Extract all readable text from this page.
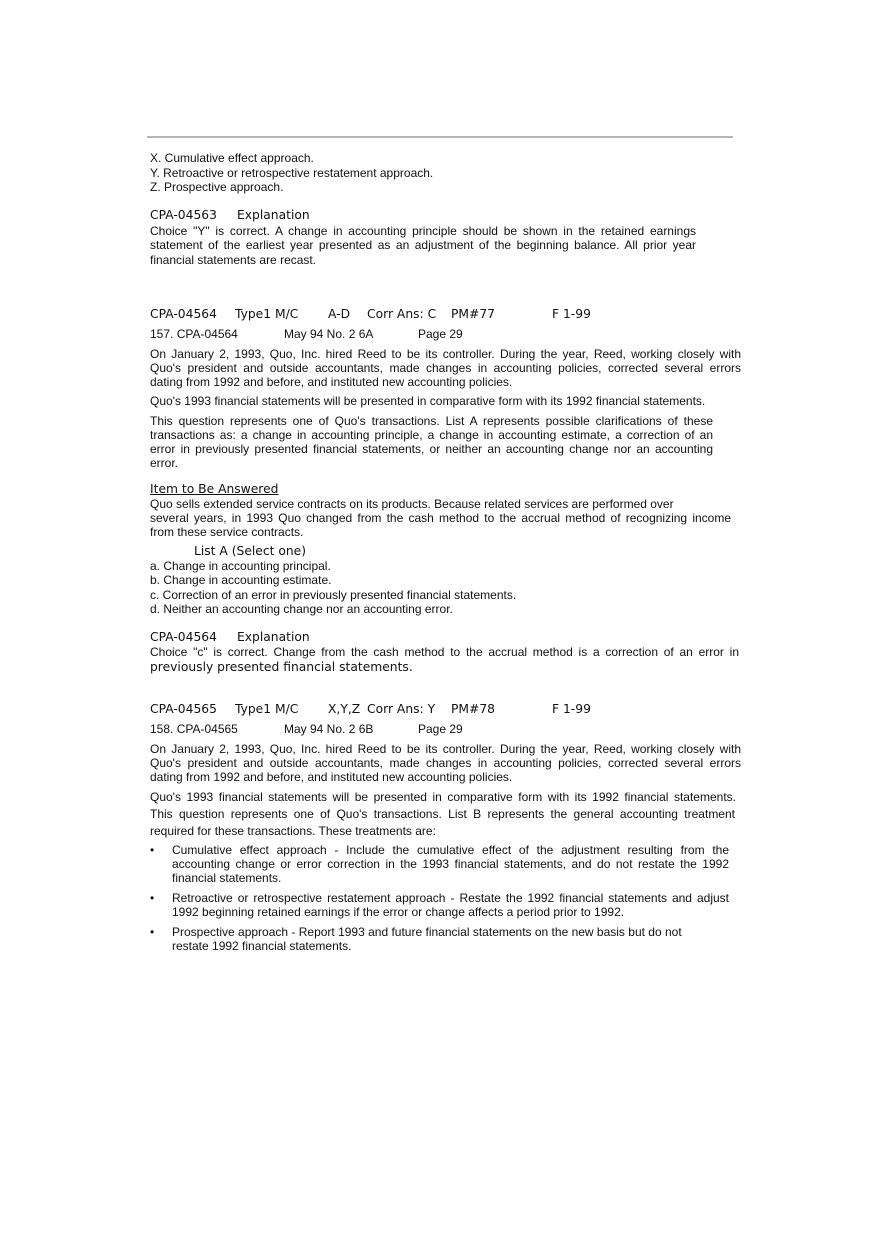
X. Cumulative effect approach.
Y. Retroactive or retrospective restatement approach.
Z. Prospective approach.
CPA-04563 Explanation
Choice "Y" is correct. A change in accounting principle should be shown in the retained earnings
statement of the earliest year presented as an adjustment of the beginning balance. All prior year
financial statements are recast.
CPA-04564 Type1 M/C A-D Corr Ans: C PM#77	F 1-99
157. CPA-04564	May 94 No. 2 6A	Page 29
On January 2, 1993, Quo, Inc. hired Reed to be its controller. During the year, Reed, working closely with
Quo's president and outside accountants, made changes in accounting policies, corrected several errors
dating from 1992 and before, and instituted new accounting policies.
Quo's 1993 financial statements will be presented in comparative form with its 1992 financial statements.
This question represents one of Quo's transactions. List A represents possible clarifications of these
transactions as: a change in accounting principle, a change in accounting estimate, a correction of an
error in previously presented financial statements, or neither an accounting change nor an accounting
error.
Item to Be Answered
Quo sells extended service contracts on its products. Because related services are performed over
several years, in 1993 Quo changed from the cash method to the accrual method of recognizing income
from these service contracts.
List A (Select one)
a. Change in accounting principal.
b. Change in accounting estimate.
c. Correction of an error in previously presented financial statements.
d. Neither an accounting change nor an accounting error.
CPA-04564 Explanation
Choice "c" is correct. Change from the cash method to the accrual method is a correction of an error in
previously presented financial statements.
CPA-04565 Type1 M/C X,Y,Z Corr Ans: Y PM#78	F 1-99
158. CPA-04565	May 94 No. 2 6B	Page 29
On January 2, 1993, Quo, Inc. hired Reed to be its controller. During the year, Reed, working closely with
Quo's president and outside accountants, made changes in accounting policies, corrected several errors
dating from 1992 and before, and instituted new accounting policies.
Quo's 1993 financial statements will be presented in comparative form with its 1992 financial statements.
This question represents one of Quo's transactions. List B represents the general accounting treatment
required for these transactions. These treatments are:
• Cumulative effect approach - Include the cumulative effect of the adjustment resulting from the
accounting change or error correction in the 1993 financial statements, and do not restate the 1992
financial statements.
• Retroactive or retrospective restatement approach - Restate the 1992 financial statements and adjust
1992 beginning retained earnings if the error or change affects a period prior to 1992.
• Prospective approach - Report 1993 and future financial statements on the new basis but do not
restate 1992 financial statements.
